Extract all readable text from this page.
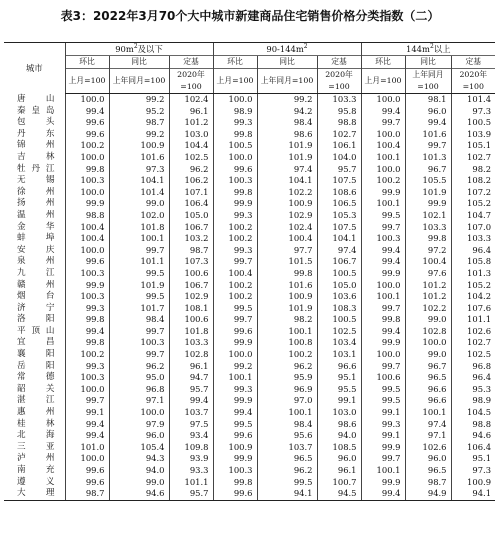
表3：2022年3月70个大中城市新建商品住宅销售价格分类指数（二）
城市	$90m^2$及以下			$90-144m^2$			$144m^2$以上		
	环比	同比	定基	环比	同比	定基	环比	同比	定基
	上月=100	上年同月=100	2020年=100	上月=100	上年同月=100	2020年=100	上月=100	上年同月=100	2020年=100
唐山	100.0	99.2	102.4	100.0	99.2	103.3	100.0	98.1	101.4
秦皇岛	99.4	95.2	96.1	98.9	94.2	95.8	99.4	96.0	97.3
包头	99.6	98.7	101.2	99.3	98.4	98.8	99.7	99.4	100.5
丹东	99.6	99.2	103.0	99.8	98.6	102.7	100.0	101.6	103.9
锦州	100.2	100.9	104.4	100.5	101.9	106.1	100.4	99.7	105.1
吉林	100.0	101.6	102.5	100.0	101.9	104.0	100.1	101.3	102.7
牡丹江	99.8	97.3	96.2	99.6	97.4	95.7	100.0	96.7	98.2
无锡	100.3	104.1	106.2	100.3	104.1	107.5	100.2	105.5	108.2
徐州	100.0	101.4	107.1	99.8	102.2	108.6	99.9	101.9	107.2
扬州	99.9	99.0	106.4	99.9	100.9	106.5	100.1	99.9	105.2
温州	98.8	102.0	105.0	99.3	102.9	105.3	99.5	102.1	104.7
金华	100.4	101.8	106.7	100.2	102.4	107.5	99.7	103.3	107.0
蚌埠	100.4	100.1	103.2	100.2	100.4	104.1	100.3	99.8	103.3
安庆	100.0	99.7	98.7	99.3	97.7	97.4	99.4	97.2	96.4
泉州	99.6	101.1	107.3	99.7	101.5	106.7	99.4	100.4	105.8
九江	100.3	99.5	100.6	100.4	99.8	100.5	99.9	97.6	101.3
赣州	99.9	101.9	106.7	100.2	101.6	105.0	100.0	101.2	105.2
烟台	100.3	99.5	102.9	100.2	100.9	103.6	100.1	101.2	104.2
济宁	99.3	101.7	108.1	99.5	101.9	108.3	99.7	102.2	107.6
洛阳	99.8	98.4	100.6	99.7	98.2	100.5	99.8	99.0	101.1
平顶山	99.4	99.7	101.8	99.6	100.1	102.5	99.4	102.8	102.6
宜昌	99.8	100.3	103.3	99.9	100.8	103.4	99.9	100.0	102.7
襄阳	100.2	99.7	102.8	100.0	100.2	103.1	100.0	99.0	102.5
岳阳	99.3	96.2	96.1	99.2	96.2	96.6	99.7	96.7	96.8
常德	100.3	95.0	94.7	100.1	95.9	95.1	100.6	96.5	96.4
韶关	100.0	96.8	95.7	99.3	96.9	95.5	99.5	96.6	95.3
湛江	99.7	97.1	99.4	99.9	97.0	99.1	99.5	96.6	98.9
惠州	99.1	100.0	103.7	99.4	100.1	103.0	99.1	100.1	104.5
桂林	99.4	97.9	97.5	99.5	98.4	98.6	99.3	97.4	98.8
北海	99.4	96.0	93.4	99.6	95.6	94.0	99.1	97.1	94.6
三亚	101.0	105.4	109.8	100.9	103.7	108.5	99.9	102.6	106.4
泸州	100.0	94.3	93.9	99.9	96.5	96.0	99.7	96.0	95.1
南充	99.6	94.0	93.3	100.3	96.2	96.1	100.1	96.5	97.3
遵义	99.6	99.0	101.1	99.8	99.5	100.7	99.9	98.7	100.9
大理	98.7	94.6	95.7	99.6	94.1	94.5	99.4	94.9	94.1
